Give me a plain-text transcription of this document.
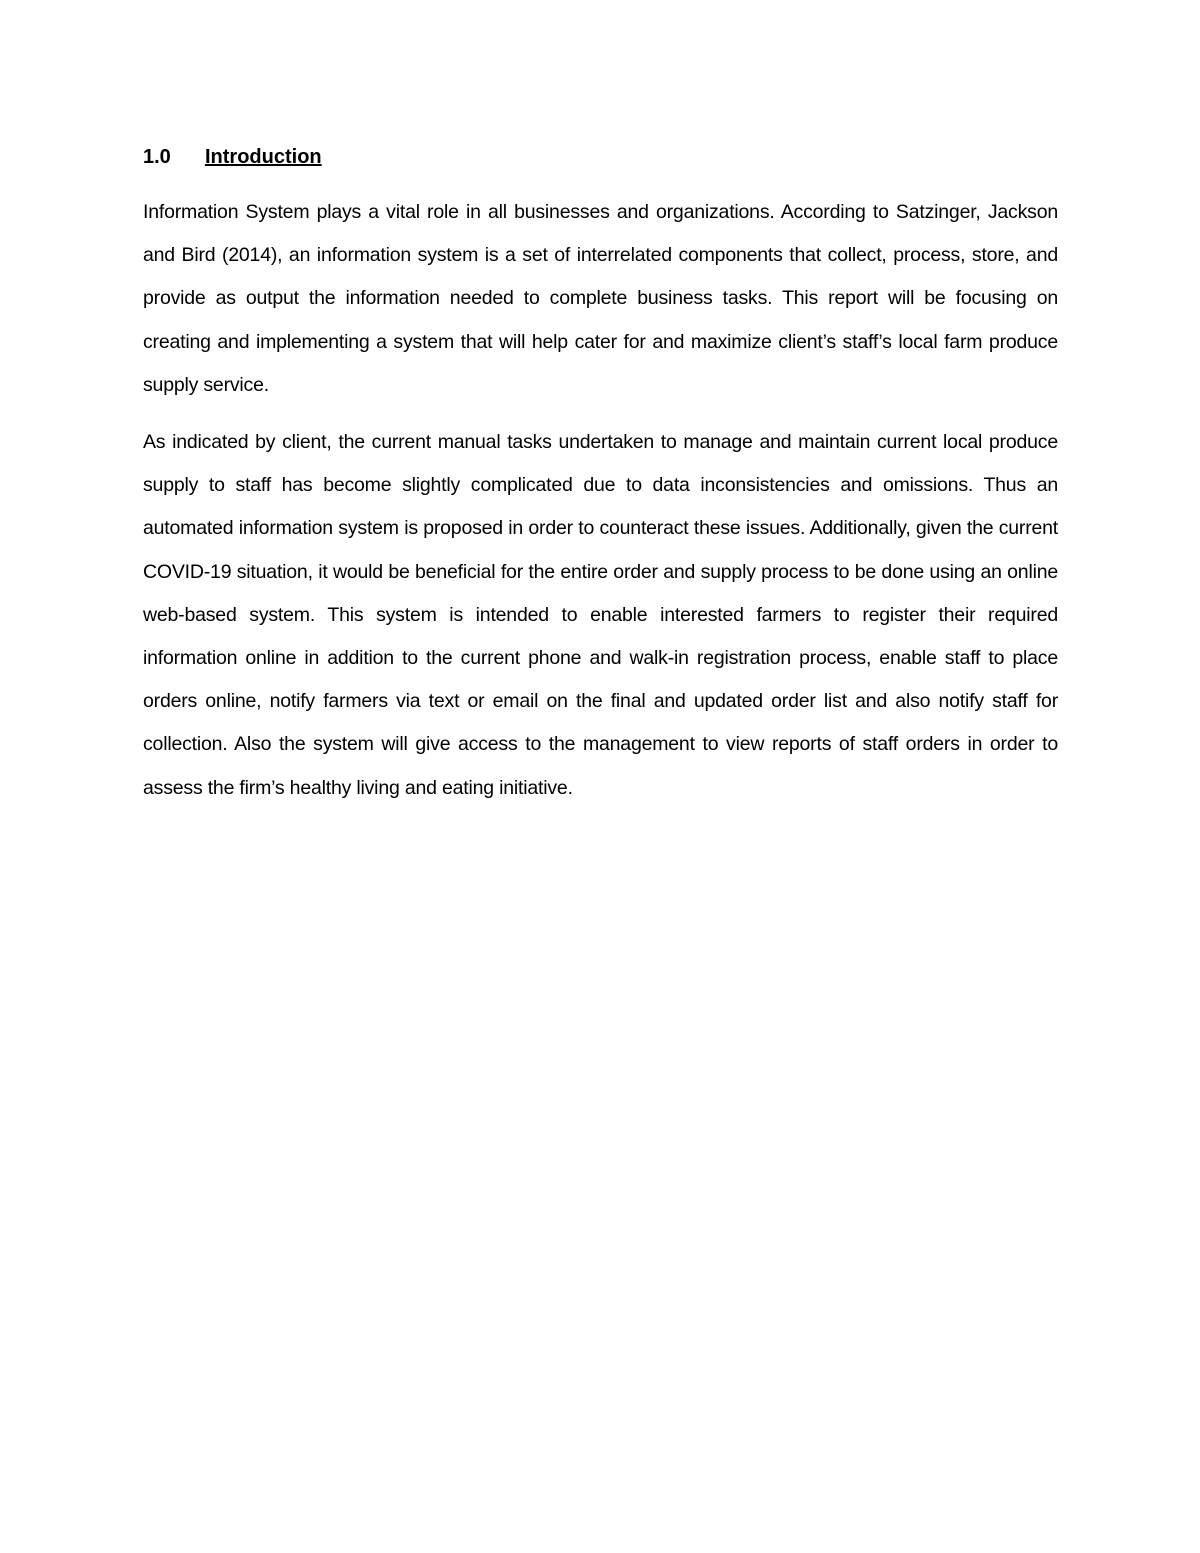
1.0 Introduction

Information System plays a vital role in all businesses and organizations. According to Satzinger, Jackson and Bird (2014), an information system is a set of interrelated components that collect, process, store, and provide as output the information needed to complete business tasks. This report will be focusing on creating and implementing a system that will help cater for and maximize client’s staff’s local farm produce supply service.

As indicated by client, the current manual tasks undertaken to manage and maintain current local produce supply to staff has become slightly complicated due to data inconsistencies and omissions. Thus an automated information system is proposed in order to counteract these issues. Additionally, given the current COVID-19 situation, it would be beneficial for the entire order and supply process to be done using an online web-based system. This system is intended to enable interested farmers to register their required information online in addition to the current phone and walk-in registration process, enable staff to place orders online, notify farmers via text or email on the final and updated order list and also notify staff for collection. Also the system will give access to the management to view reports of staff orders in order to assess the firm’s healthy living and eating initiative.
